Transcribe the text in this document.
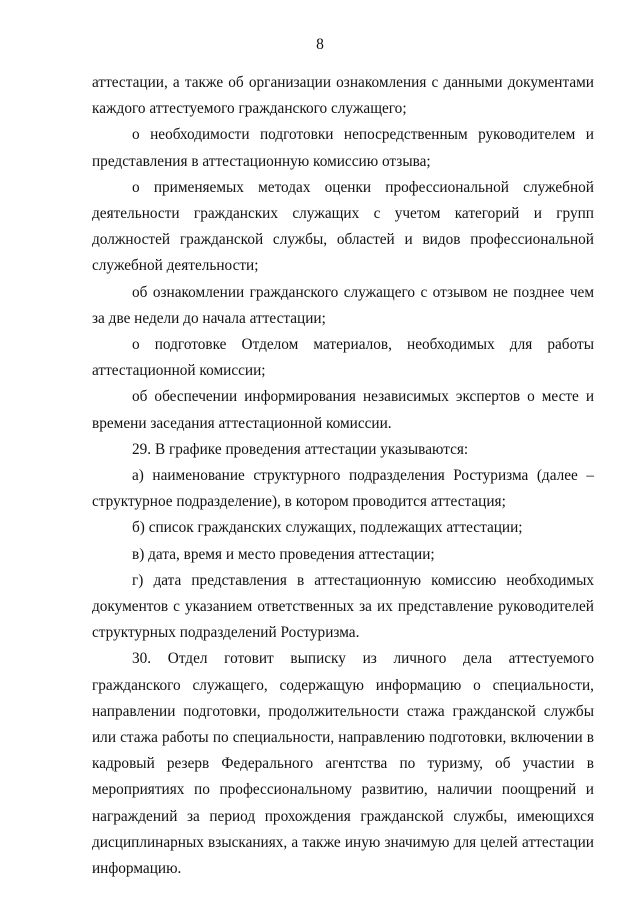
8

аттестации, а также об организации ознакомления с данными документами каждого аттестуемого гражданского служащего;

о необходимости подготовки непосредственным руководителем и представления в аттестационную комиссию отзыва;

о применяемых методах оценки профессиональной служебной деятельности гражданских служащих с учетом категорий и групп должностей гражданской службы, областей и видов профессиональной служебной деятельности;

об ознакомлении гражданского служащего с отзывом не позднее чем за две недели до начала аттестации;

о подготовке Отделом материалов, необходимых для работы аттестационной комиссии;

об обеспечении информирования независимых экспертов о месте и времени заседания аттестационной комиссии.

29. В графике проведения аттестации указываются:

а) наименование структурного подразделения Ростуризма (далее – структурное подразделение), в котором проводится аттестация;

б) список гражданских служащих, подлежащих аттестации;

в) дата, время и место проведения аттестации;

г) дата представления в аттестационную комиссию необходимых документов с указанием ответственных за их представление руководителей структурных подразделений Ростуризма.

30. Отдел готовит выписку из личного дела аттестуемого гражданского служащего, содержащую информацию о специальности, направлении подготовки, продолжительности стажа гражданской службы или стажа работы по специальности, направлению подготовки, включении в кадровый резерв Федерального агентства по туризму, об участии в мероприятиях по профессиональному развитию, наличии поощрений и награждений за период прохождения гражданской службы, имеющихся дисциплинарных взысканиях, а также иную значимую для целей аттестации информацию.
